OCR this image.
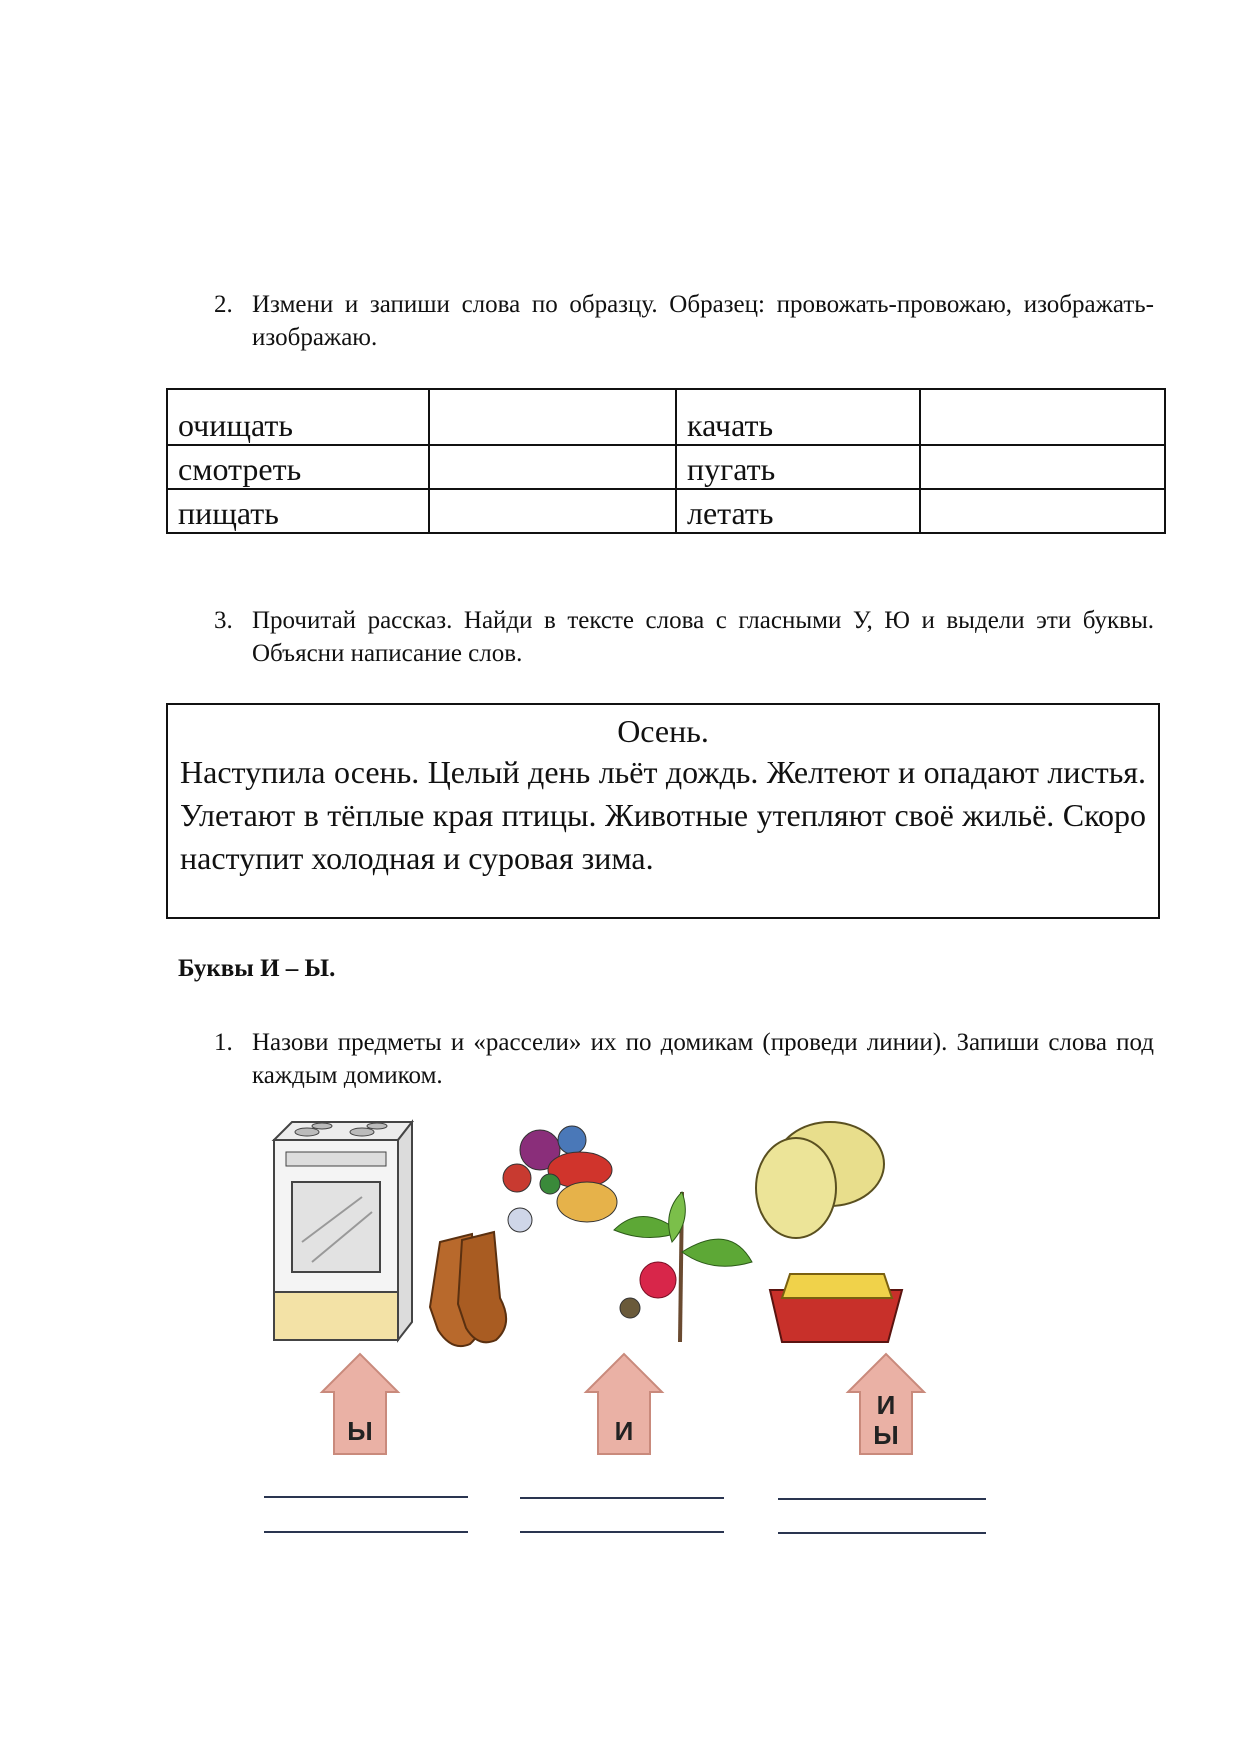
2. Измени и запиши слова по образцу. Образец: провожать-провожаю, изображать-изображаю.
очищать		качать	
смотреть		пугать	
пищать		летать	
3. Прочитай рассказ. Найди в тексте слова с гласными У, Ю и выдели эти буквы. Объясни написание слов.
Осень.
Наступила осень. Целый день льёт дождь. Желтеют и опадают листья. Улетают в тёплые края птицы. Животные утепляют своё жильё. Скоро наступит холодная и суровая зима.
Буквы И – Ы.
1. Назови предметы и «рассели» их по домикам (проведи линии). Запиши слова под каждым домиком.
Ы	И
И
Ы
